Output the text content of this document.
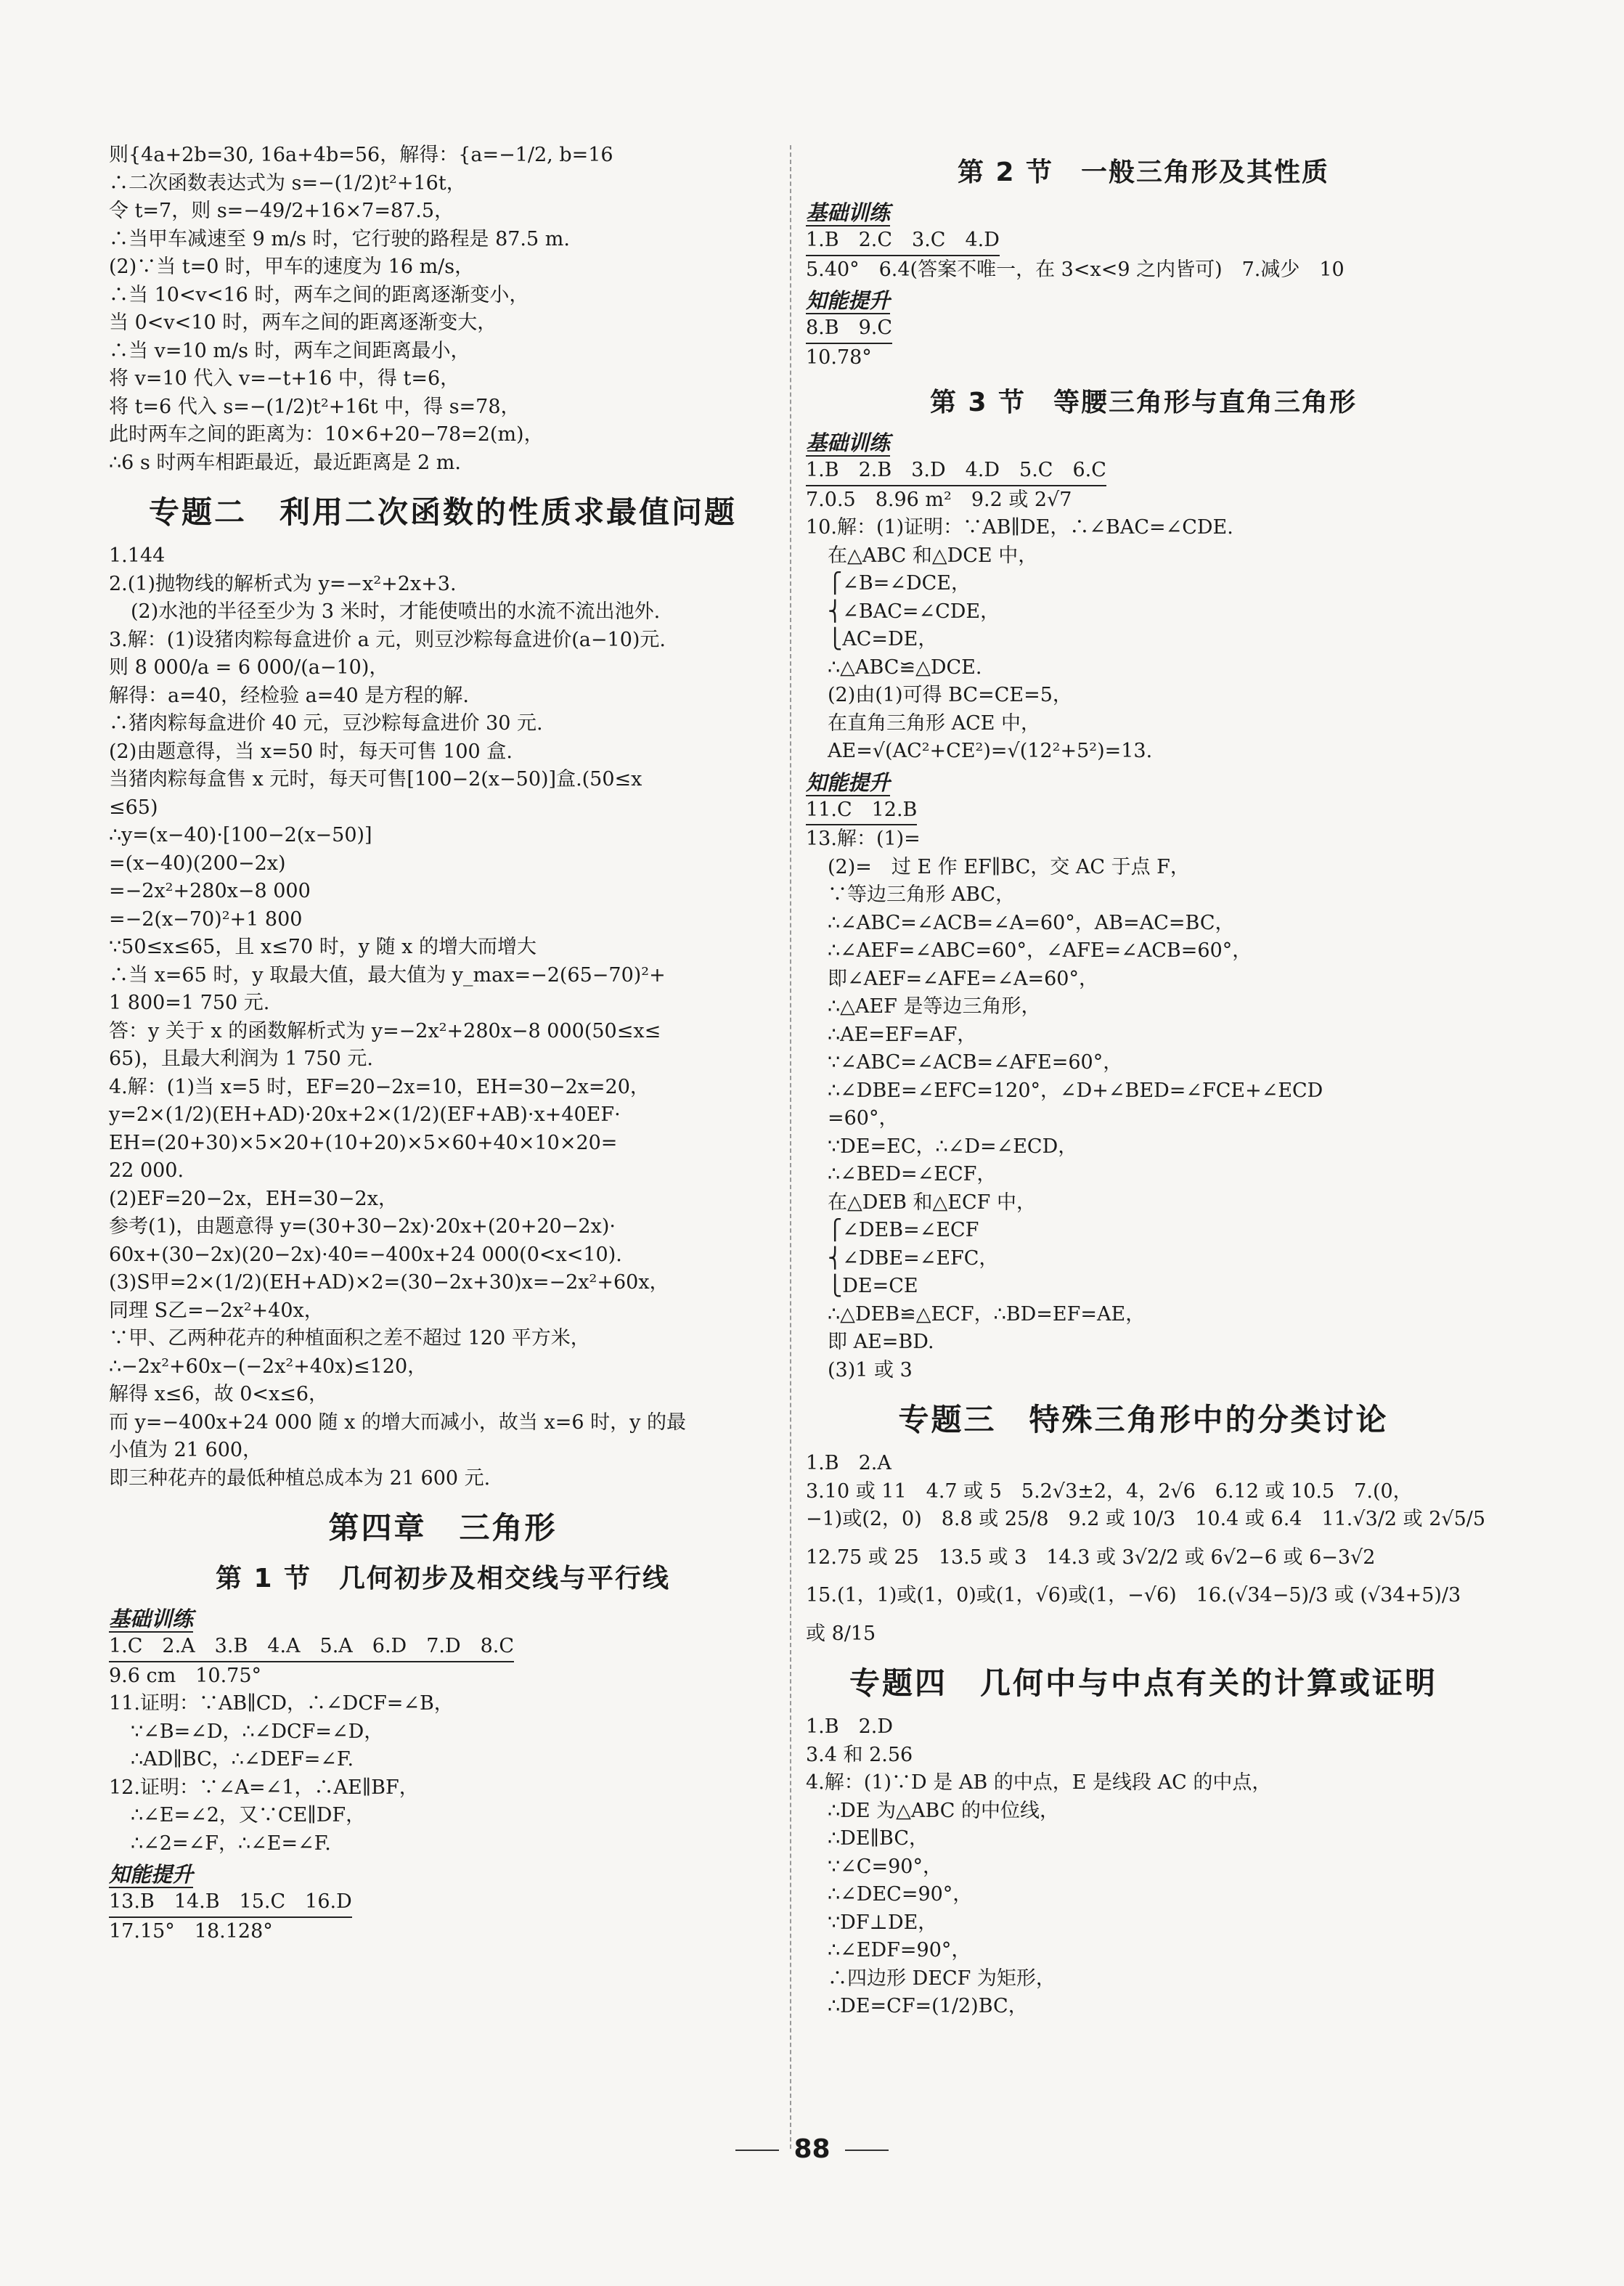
则{4a+2b=30, 16a+4b=56，解得：{a=−1/2, b=16

∴二次函数表达式为 s=−(1/2)t²+16t，

令 t=7，则 s=−49/2+16×7=87.5，

∴当甲车减速至 9 m/s 时，它行驶的路程是 87.5 m.

(2)∵当 t=0 时，甲车的速度为 16 m/s，

∴当 10<v<16 时，两车之间的距离逐渐变小，

当 0<v<10 时，两车之间的距离逐渐变大，

∴当 v=10 m/s 时，两车之间距离最小，

将 v=10 代入 v=−t+16 中，得 t=6，

将 t=6 代入 s=−(1/2)t²+16t 中，得 s=78，

此时两车之间的距离为：10×6+20−78=2(m)，

∴6 s 时两车相距最近，最近距离是 2 m.

专题二　利用二次函数的性质求最值问题

1.144

2.(1)抛物线的解析式为 y=−x²+2x+3.

(2)水池的半径至少为 3 米时，才能使喷出的水流不流出池外.

3.解：(1)设猪肉粽每盒进价 a 元，则豆沙粽每盒进价(a−10)元.

则 8 000/a = 6 000/(a−10)，

解得：a=40，经检验 a=40 是方程的解.

∴猪肉粽每盒进价 40 元，豆沙粽每盒进价 30 元.

(2)由题意得，当 x=50 时，每天可售 100 盒.

当猪肉粽每盒售 x 元时，每天可售[100−2(x−50)]盒.(50≤x

≤65)

∴y=(x−40)·[100−2(x−50)]

=(x−40)(200−2x)

=−2x²+280x−8 000

=−2(x−70)²+1 800

∵50≤x≤65，且 x≤70 时，y 随 x 的增大而增大

∴当 x=65 时，y 取最大值，最大值为 y_max=−2(65−70)²+

1 800=1 750 元.

答：y 关于 x 的函数解析式为 y=−2x²+280x−8 000(50≤x≤

65)，且最大利润为 1 750 元.

4.解：(1)当 x=5 时，EF=20−2x=10，EH=30−2x=20，

y=2×(1/2)(EH+AD)·20x+2×(1/2)(EF+AB)·x+40EF·

EH=(20+30)×5×20+(10+20)×5×60+40×10×20=

22 000.

(2)EF=20−2x，EH=30−2x，

参考(1)，由题意得 y=(30+30−2x)·20x+(20+20−2x)·

60x+(30−2x)(20−2x)·40=−400x+24 000(0<x<10).

(3)S甲=2×(1/2)(EH+AD)×2=(30−2x+30)x=−2x²+60x，

同理 S乙=−2x²+40x，

∵甲、乙两种花卉的种植面积之差不超过 120 平方米，

∴−2x²+60x−(−2x²+40x)≤120，

解得 x≤6，故 0<x≤6，

而 y=−400x+24 000 随 x 的增大而减小，故当 x=6 时，y 的最

小值为 21 600，

即三种花卉的最低种植总成本为 21 600 元.

第四章　三角形
第 1 节　几何初步及相交线与平行线
基础训练

1.C　2.A　3.B　4.A　5.A　6.D　7.D　8.C

9.6 cm　10.75°

11.证明：∵AB∥CD，∴∠DCF=∠B，

∵∠B=∠D，∴∠DCF=∠D，

∴AD∥BC，∴∠DEF=∠F.

12.证明：∵∠A=∠1，∴AE∥BF，

∴∠E=∠2，又∵CE∥DF，

∴∠2=∠F，∴∠E=∠F.

知能提升

13.B　14.B　15.C　16.D

17.15°　18.128°

第 2 节　一般三角形及其性质
基础训练

1.B　2.C　3.C　4.D

5.40°　6.4(答案不唯一，在 3<x<9 之内皆可)　7.减少　10

知能提升

8.B　9.C

10.78°

第 3 节　等腰三角形与直角三角形
基础训练

1.B　2.B　3.D　4.D　5.C　6.C

7.0.5　8.96 m²　9.2 或 2√7

10.解：(1)证明：∵AB∥DE，∴∠BAC=∠CDE.

在△ABC 和△DCE 中，

⎧∠B=∠DCE，

⎨∠BAC=∠CDE，

⎩AC=DE，

∴△ABC≌△DCE.

(2)由(1)可得 BC=CE=5，

在直角三角形 ACE 中，

AE=√(AC²+CE²)=√(12²+5²)=13.

知能提升

11.C　12.B

13.解：(1)=

(2)=　过 E 作 EF∥BC，交 AC 于点 F，

∵等边三角形 ABC，

∴∠ABC=∠ACB=∠A=60°，AB=AC=BC，

∴∠AEF=∠ABC=60°，∠AFE=∠ACB=60°，

即∠AEF=∠AFE=∠A=60°，

∴△AEF 是等边三角形，

∴AE=EF=AF，

∵∠ABC=∠ACB=∠AFE=60°，

∴∠DBE=∠EFC=120°，∠D+∠BED=∠FCE+∠ECD

=60°，

∵DE=EC，∴∠D=∠ECD，

∴∠BED=∠ECF，

在△DEB 和△ECF 中，

⎧∠DEB=∠ECF

⎨∠DBE=∠EFC，

⎩DE=CE

∴△DEB≌△ECF，∴BD=EF=AE，

即 AE=BD.

(3)1 或 3

专题三　特殊三角形中的分类讨论

1.B　2.A

3.10 或 11　4.7 或 5　5.2√3±2，4，2√6　6.12 或 10.5　7.(0，

−1)或(2，0)　8.8 或 25/8　9.2 或 10/3　10.4 或 6.4　11.√3/2 或 2√5/5

12.75 或 25　13.5 或 3　14.3 或 3√2/2 或 6√2−6 或 6−3√2

15.(1，1)或(1，0)或(1，√6)或(1，−√6)　16.(√34−5)/3 或 (√34+5)/3

或 8/15

专题四　几何中与中点有关的计算或证明

1.B　2.D

3.4 和 2.56

4.解：(1)∵D 是 AB 的中点，E 是线段 AC 的中点，

∴DE 为△ABC 的中位线，

∴DE∥BC，

∵∠C=90°，

∴∠DEC=90°，

∵DF⊥DE，

∴∠EDF=90°，

∴四边形 DECF 为矩形，

∴DE=CF=(1/2)BC，

88
